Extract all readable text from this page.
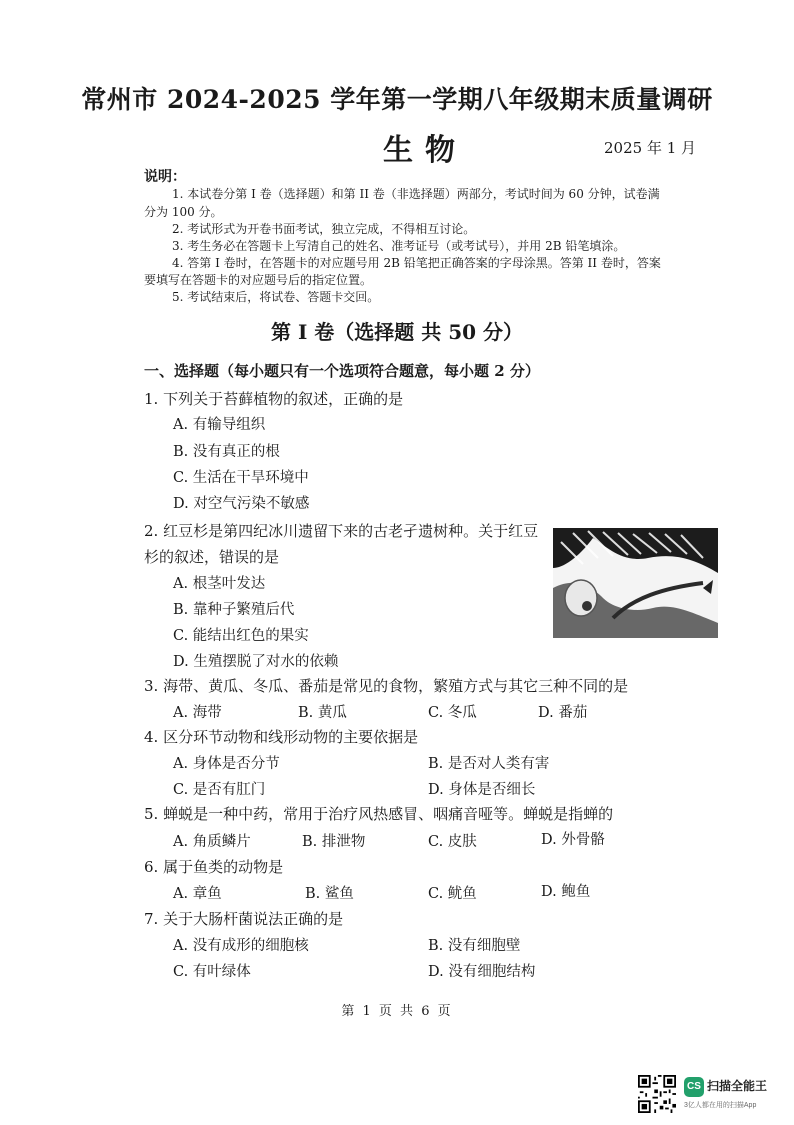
常州市 2024-2025 学年第一学期八年级期末质量调研
生物	2025 年 1 月
说明：
1. 本试卷分第 I 卷（选择题）和第 II 卷（非选择题）两部分，考试时间为 60 分钟，试卷满
分为 100 分。
2. 考试形式为开卷书面考试，独立完成，不得相互讨论。
3. 考生务必在答题卡上写清自己的姓名、准考证号（或考试号），并用 2B 铅笔填涂。
4. 答第 I 卷时，在答题卡的对应题号用 2B 铅笔把正确答案的字母涂黑。答第 II 卷时，答案
要填写在答题卡的对应题号后的指定位置。
5. 考试结束后，将试卷、答题卡交回。
第 I 卷（选择题 共 50 分）
一、选择题（每小题只有一个选项符合题意，每小题 2 分）
1. 下列关于苔藓植物的叙述，正确的是
A. 有输导组织
B. 没有真正的根
C. 生活在干旱环境中
D. 对空气污染不敏感
2. 红豆杉是第四纪冰川遗留下来的古老孑遗树种。关于红豆
杉的叙述，错误的是
A. 根茎叶发达
B. 靠种子繁殖后代
C. 能结出红色的果实
D. 生殖摆脱了对水的依赖
3. 海带、黄瓜、冬瓜、番茄是常见的食物，繁殖方式与其它三种不同的是
A. 海带	B. 黄瓜	C. 冬瓜	D. 番茄
4. 区分环节动物和线形动物的主要依据是
A. 身体是否分节	B. 是否对人类有害
C. 是否有肛门	D. 身体是否细长
5. 蝉蜕是一种中药，常用于治疗风热感冒、咽痛音哑等。蝉蜕是指蝉的
A. 角质鳞片	B. 排泄物	C. 皮肤	D. 外骨骼
6. 属于鱼类的动物是
A. 章鱼	B. 鲨鱼	C. 鱿鱼	D. 鲍鱼
7. 关于大肠杆菌说法正确的是
A. 没有成形的细胞核	B. 没有细胞壁
C. 有叶绿体	D. 没有细胞结构
第 1 页 共 6 页
CS 扫描全能王
3亿人都在用的扫描App
